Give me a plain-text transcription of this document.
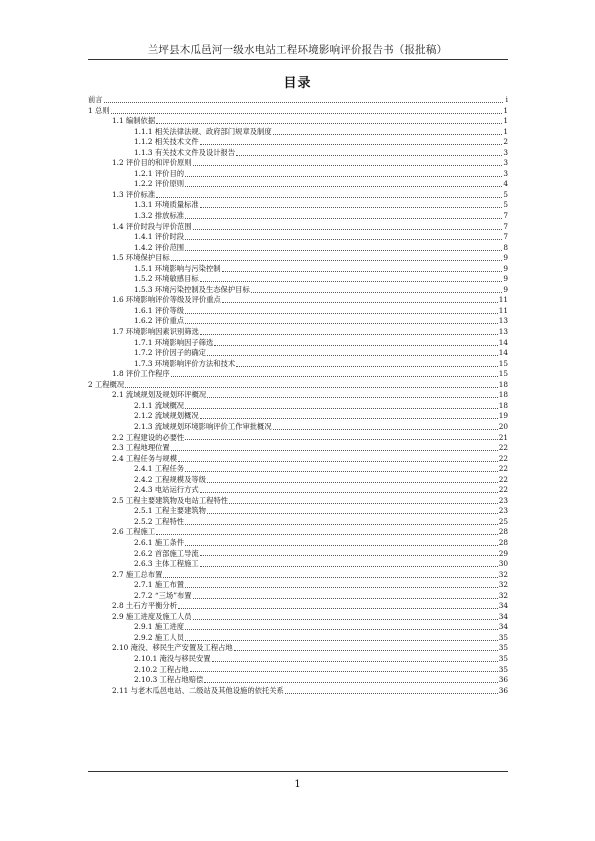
兰坪县木瓜邑河一级水电站工程环境影响评价报告书（报批稿）
目录
前言	i
1 总则	1
1.1 编制依据	1
1.1.1 相关法律法规、政府部门规章及制度	1
1.1.2 相关技术文件	2
1.1.3 有关技术文件及设计报告	3
1.2 评价目的和评价原则	3
1.2.1 评价目的	3
1.2.2 评价原则	4
1.3 评价标准	5
1.3.1 环境质量标准	5
1.3.2 排放标准	7
1.4 评价时段与评价范围	7
1.4.1 评价时段	7
1.4.2 评价范围	8
1.5 环境保护目标	9
1.5.1 环境影响与污染控制	9
1.5.2 环境敏感目标	9
1.5.3 环境污染控制及生态保护目标	9
1.6 环境影响评价等级及评价重点	11
1.6.1 评价等级	11
1.6.2 评价重点	13
1.7 环境影响因素识别筛选	13
1.7.1 环境影响因子筛选	14
1.7.2 评价因子的确定	14
1.7.3 环境影响评价方法和技术	15
1.8 评价工作程序	15
2 工程概况	18
2.1 流域规划及规划环评概况	18
2.1.1 流域概况	18
2.1.2 流域规划概况	19
2.1.3 流域规划环境影响评价工作审批概况	20
2.2 工程建设的必要性	21
2.3 工程地理位置	22
2.4 工程任务与规模	22
2.4.1 工程任务	22
2.4.2 工程规模及等级	22
2.4.3 电站运行方式	22
2.5 工程主要建筑物及电站工程特性	23
2.5.1 工程主要建筑物	23
2.5.2 工程特性	25
2.6 工程施工	28
2.6.1 施工条件	28
2.6.2 首部施工导流	29
2.6.3 主体工程施工	30
2.7 施工总布置	32
2.7.1 施工布置	32
2.7.2 “三场”布置	32
2.8 土石方平衡分析	34
2.9 施工进度及施工人员	34
2.9.1 施工进度	34
2.9.2 施工人员	35
2.10 淹没、移民生产安置及工程占地	35
2.10.1 淹没与移民安置	35
2.10.2 工程占地	35
2.10.3 工程占地赔偿	36
2.11 与老木瓜邑电站、二级站及其他设施的依托关系	36
1
